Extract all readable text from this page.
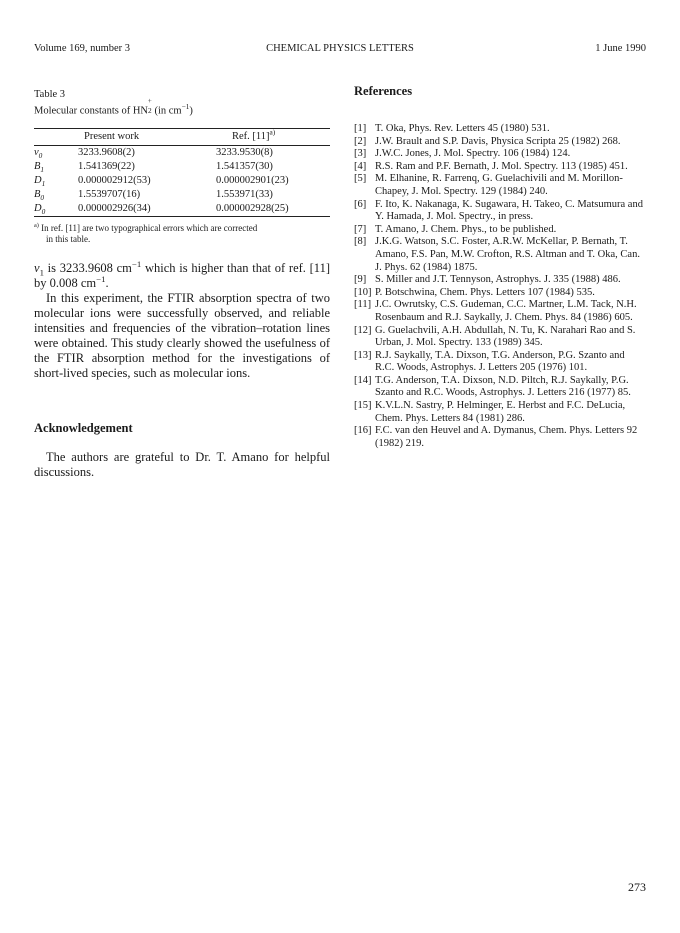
Volume 169, number 3	CHEMICAL PHYSICS LETTERS	1 June 1990
Table 3
Molecular constants of $HN_2^+$ (in $cm^{-1}$)
	Present work	Ref. $[11]^{a)}$
$\nu_0$	3233.9608(2)	3233.9530(8)
$B_1$	1.541369(22)	1.541357(30)
$D_1$	0.000002912(53)	0.000002901(23)
$B_0$	1.5539707(16)	1.553971(33)
$D_0$	0.000002926(34)	0.000002928(25)
$^{a)}$ In ref. [11] are two typographical errors which are corrected
in this table.

$\nu_1$ is 3233.9608 $cm^{-1}$ which is higher than that of ref. [11] by 0.008 $cm^{-1}$.

In this experiment, the FTIR absorption spectra of two molecular ions were successfully observed, and reliable intensities and frequencies of the vibration–rotation lines were obtained. This study clearly showed the usefulness of the FTIR absorption method for the investigations of short-lived species, such as molecular ions.

Acknowledgement

The authors are grateful to Dr. T. Amano for helpful discussions.

References
[1] T. Oka, Phys. Rev. Letters 45 (1980) 531.
[2] J.W. Brault and S.P. Davis, Physica Scripta 25 (1982) 268.
[3] J.W.C. Jones, J. Mol. Spectry. 106 (1984) 124.
[4] R.S. Ram and P.F. Bernath, J. Mol. Spectry. 113 (1985) 451.
[5] M. Elhanine, R. Farrenq, G. Guelachivili and M. Morillon-Chapey, J. Mol. Spectry. 129 (1984) 240.
[6] F. Ito, K. Nakanaga, K. Sugawara, H. Takeo, C. Matsumura and Y. Hamada, J. Mol. Spectry., in press.
[7] T. Amano, J. Chem. Phys., to be published.
[8] J.K.G. Watson, S.C. Foster, A.R.W. McKellar, P. Bernath, T. Amano, F.S. Pan, M.W. Crofton, R.S. Altman and T. Oka, Can. J. Phys. 62 (1984) 1875.
[9] S. Miller and J.T. Tennyson, Astrophys. J. 335 (1988) 486.
[10] P. Botschwina, Chem. Phys. Letters 107 (1984) 535.
[11] J.C. Owrutsky, C.S. Gudeman, C.C. Martner, L.M. Tack, N.H. Rosenbaum and R.J. Saykally, J. Chem. Phys. 84 (1986) 605.
[12] G. Guelachvili, A.H. Abdullah, N. Tu, K. Narahari Rao and S. Urban, J. Mol. Spectry. 133 (1989) 345.
[13] R.J. Saykally, T.A. Dixson, T.G. Anderson, P.G. Szanto and R.C. Woods, Astrophys. J. Letters 205 (1976) 101.
[14] T.G. Anderson, T.A. Dixson, N.D. Piltch, R.J. Saykally, P.G. Szanto and R.C. Woods, Astrophys. J. Letters 216 (1977) 85.
[15] K.V.L.N. Sastry, P. Helminger, E. Herbst and F.C. DeLucia, Chem. Phys. Letters 84 (1981) 286.
[16] F.C. van den Heuvel and A. Dymanus, Chem. Phys. Letters 92 (1982) 219.
273
